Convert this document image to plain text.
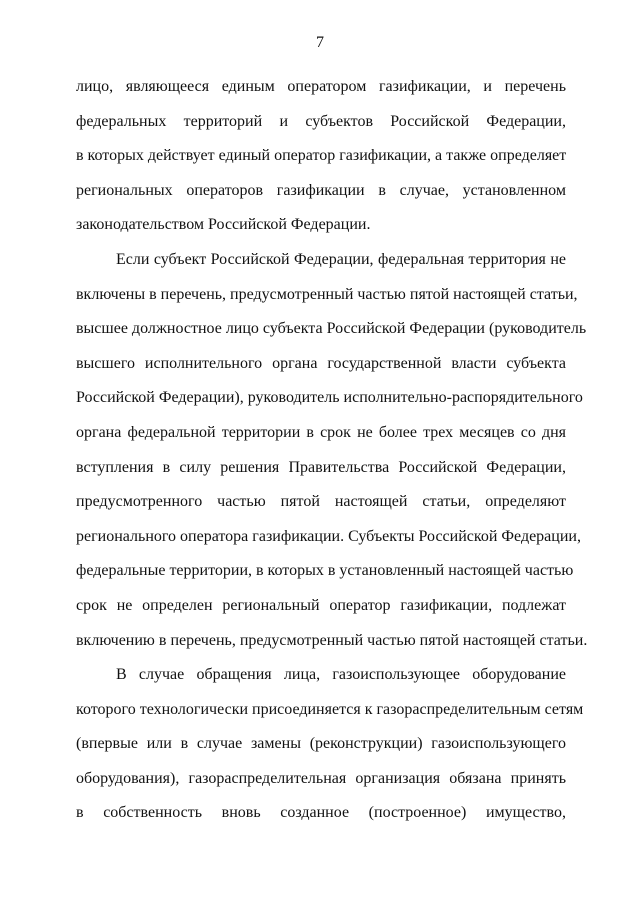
7
лицо, являющееся единым оператором газификации, и перечень
федеральных территорий и субъектов Российской Федерации,
в которых действует единый оператор газификации, а также определяет
региональных операторов газификации в случае, установленном
законодательством Российской Федерации.
Если субъект Российской Федерации, федеральная территория не
включены в перечень, предусмотренный частью пятой настоящей статьи,
высшее должностное лицо субъекта Российской Федерации (руководитель
высшего исполнительного органа государственной власти субъекта
Российской Федерации), руководитель исполнительно-распорядительного
органа федеральной территории в срок не более трех месяцев со дня
вступления в силу решения Правительства Российской Федерации,
предусмотренного частью пятой настоящей статьи, определяют
регионального оператора газификации. Субъекты Российской Федерации,
федеральные территории, в которых в установленный настоящей частью
срок не определен региональный оператор газификации, подлежат
включению в перечень, предусмотренный частью пятой настоящей статьи.
В случае обращения лица, газоиспользующее оборудование
которого технологически присоединяется к газораспределительным сетям
(впервые или в случае замены (реконструкции) газоиспользующего
оборудования), газораспределительная организация обязана принять
в собственность вновь созданное (построенное) имущество,
